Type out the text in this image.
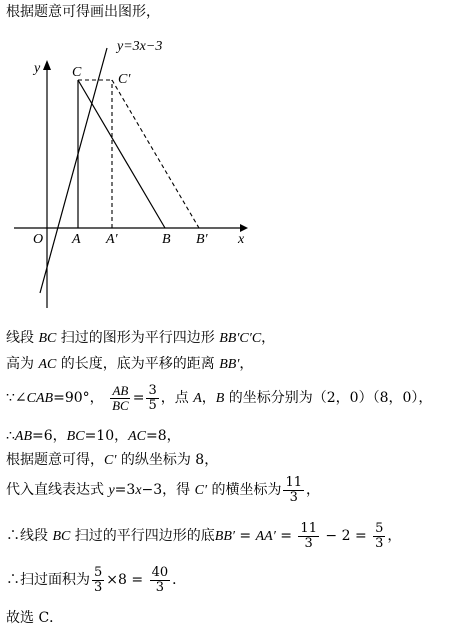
根据题意可得画出图形，
y=3x−3
y
x
O A A′	B B′
C	C′
线段 BC 扫过的图形为平行四边形 BB′C′C，
高为 AC 的长度，底为平移的距离 BB′，
∵∠CAB=90°， $\frac{AB}{BC} = \frac{3}{5}$ ，点 A，B 的坐标分别为（2，0）（8，0），
∴AB=6，BC=10，AC=8，
根据题意可得，C′ 的纵坐标为 8，
代入直线表达式 y=3x−3，得 C′ 的横坐标为 $\frac{11}{3}$ ，
∴线段 BC 扫过的平行四边形的底$BB' = AA' = \frac{11}{3} - 2 = \frac{5}{3}$ ，
∴扫过面积为 $\frac{5}{3} \times 8 = \frac{40}{3}$ ．
故选 C．
